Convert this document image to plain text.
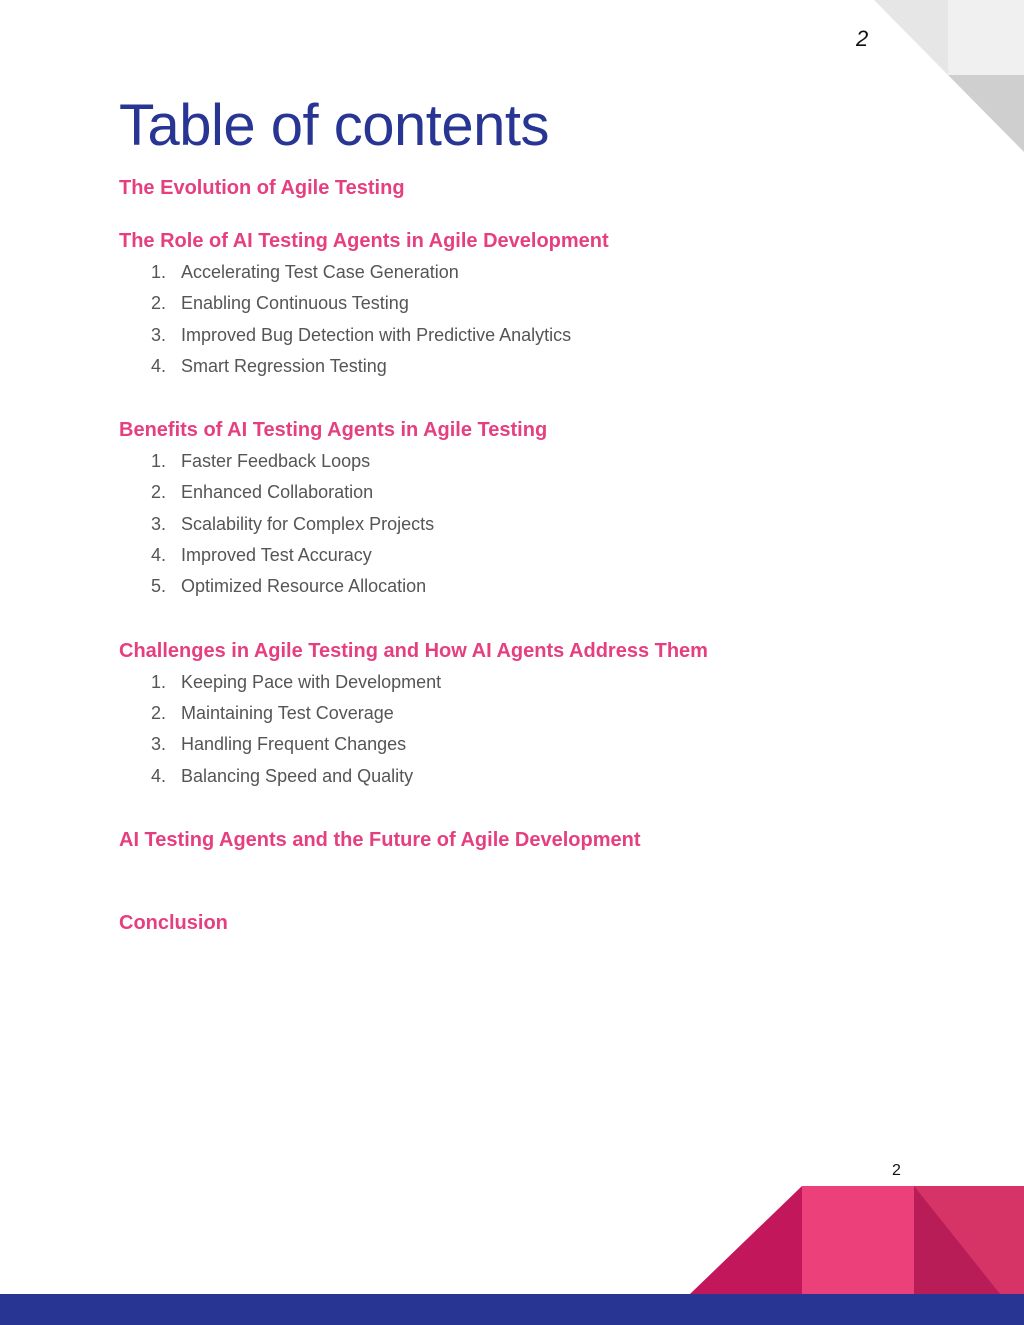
2
Table of contents
The Evolution of Agile Testing
The Role of AI Testing Agents in Agile Development
1. Accelerating Test Case Generation
2. Enabling Continuous Testing
3. Improved Bug Detection with Predictive Analytics
4. Smart Regression Testing
Benefits of AI Testing Agents in Agile Testing
1. Faster Feedback Loops
2. Enhanced Collaboration
3. Scalability for Complex Projects
4. Improved Test Accuracy
5. Optimized Resource Allocation
Challenges in Agile Testing and How AI Agents Address Them
1. Keeping Pace with Development
2. Maintaining Test Coverage
3. Handling Frequent Changes
4. Balancing Speed and Quality
AI Testing Agents and the Future of Agile Development
Conclusion
2
